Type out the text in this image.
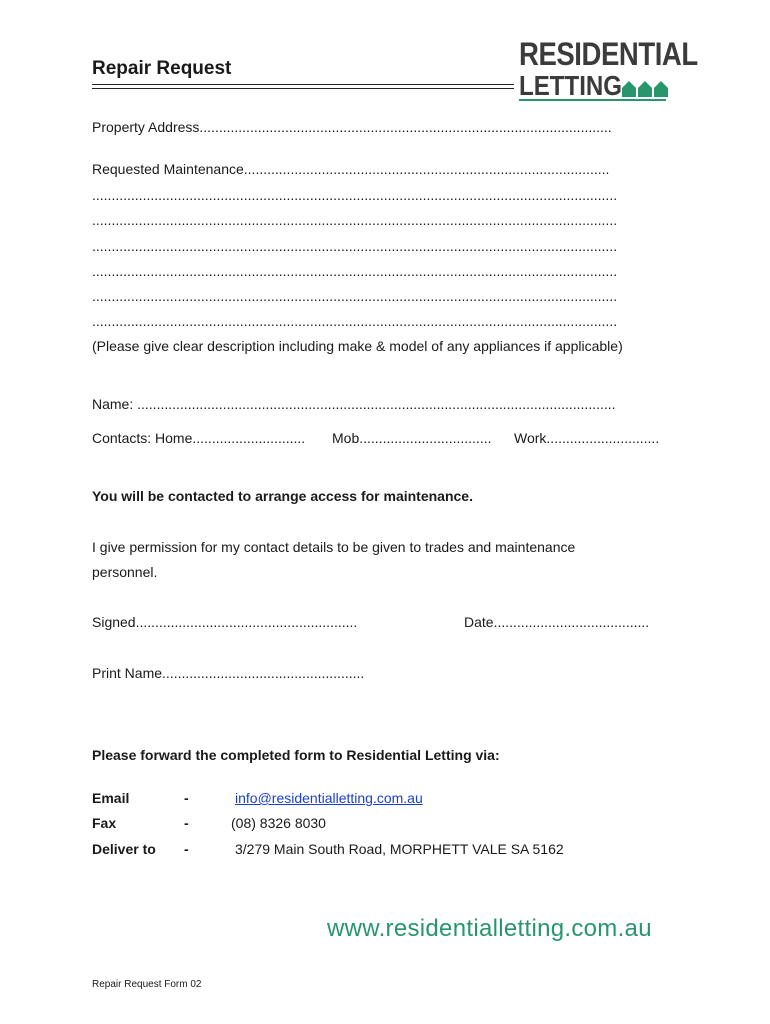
Repair Request	RESIDENTIAL
LETTING
Property Address..........................................................................................................
Requested Maintenance..............................................................................................
.......................................................................................................................................
.......................................................................................................................................
.......................................................................................................................................
.......................................................................................................................................
.......................................................................................................................................
.......................................................................................................................................
(Please give clear description including make & model of any appliances if applicable)
Name: ...........................................................................................................................
Contacts: Home............................. Mob.................................. Work.............................
You will be contacted to arrange access for maintenance.
I give permission for my contact details to be given to trades and maintenance
personnel.
Signed.........................................................	Date........................................
Print Name....................................................
Please forward the completed form to Residential Letting via:
Email	-	info@residentialletting.com.au
Fax	-	(08) 8326 8030
Deliver to -	3/279 Main South Road, MORPHETT VALE SA 5162
www.residentialletting.com.au
Repair Request Form 02
